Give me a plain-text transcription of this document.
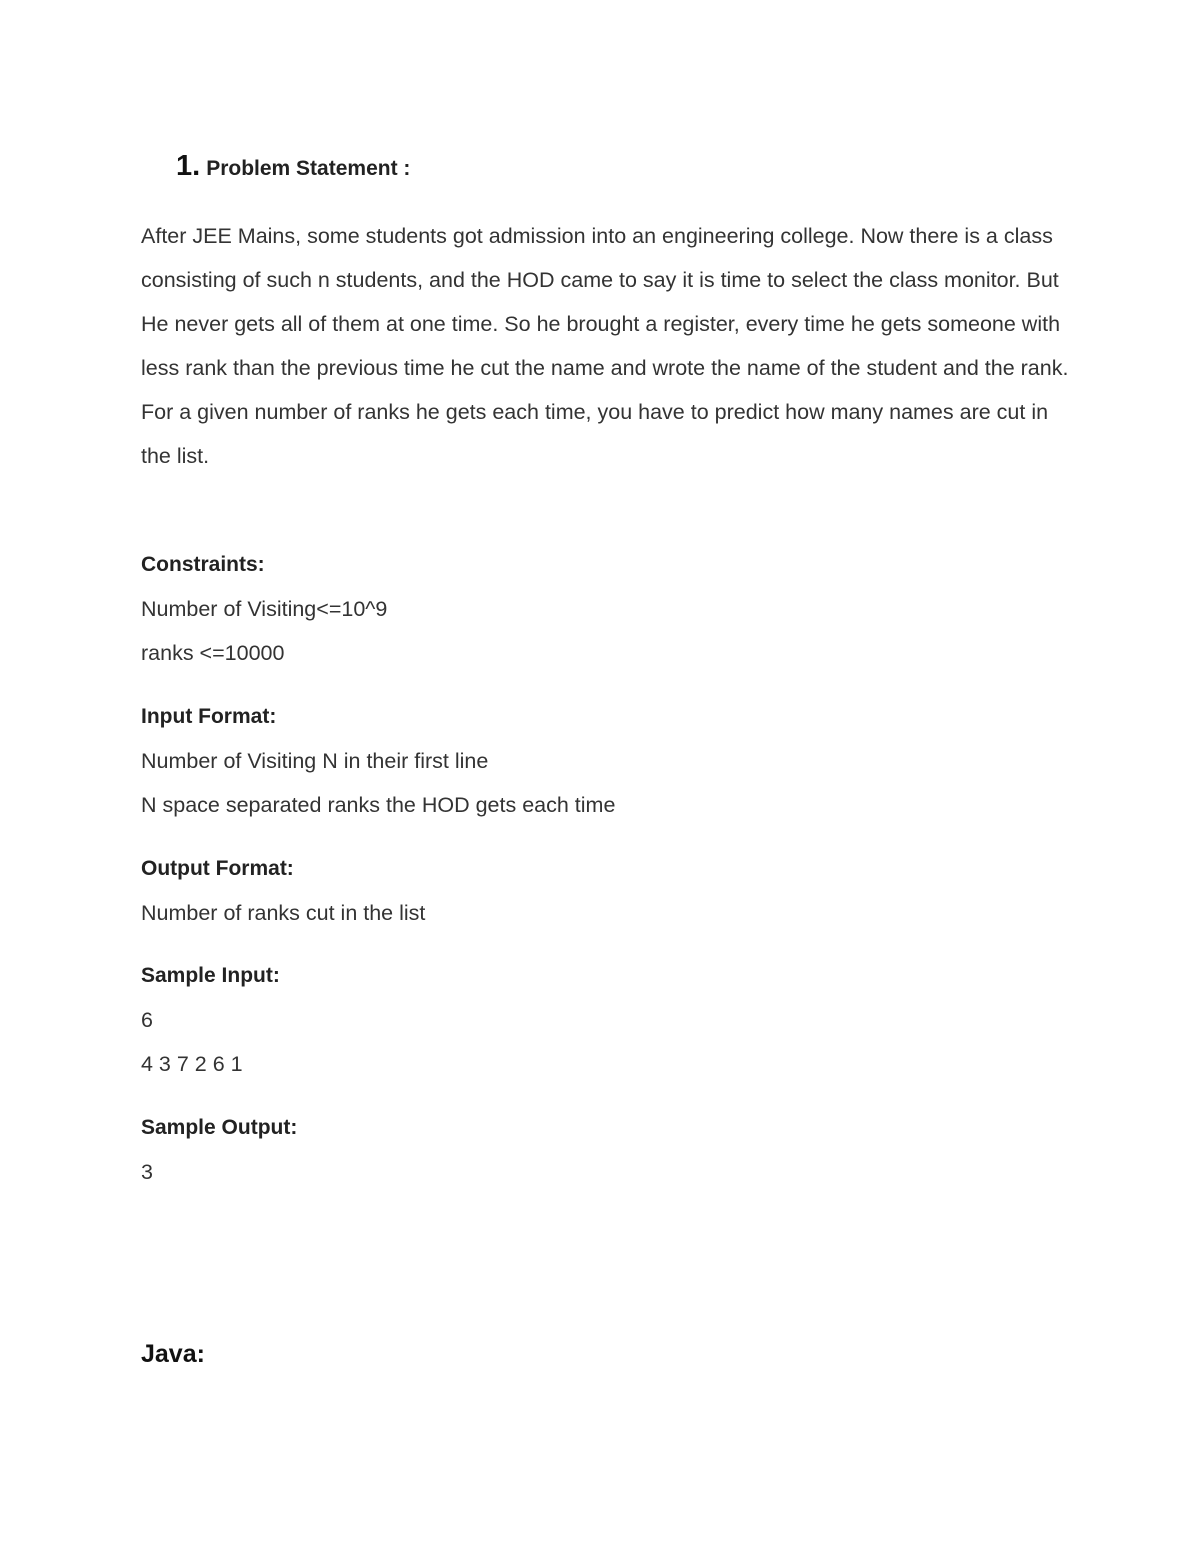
1. Problem Statement :

After JEE Mains, some students got admission into an engineering college. Now there is a class consisting of such n students, and the HOD came to say it is time to select the class monitor. But He never gets all of them at one time. So he brought a register, every time he gets someone with less rank than the previous time he cut the name and wrote the name of the student and the rank.

For a given number of ranks he gets each time, you have to predict how many names are cut in the list.

Constraints:
Number of Visiting<=10^9
ranks <=10000
Input Format:
Number of Visiting N in their first line
N space separated ranks the HOD gets each time
Output Format:
Number of ranks cut in the list
Sample Input:
6
4 3 7 2 6 1
Sample Output:
3
Java:
